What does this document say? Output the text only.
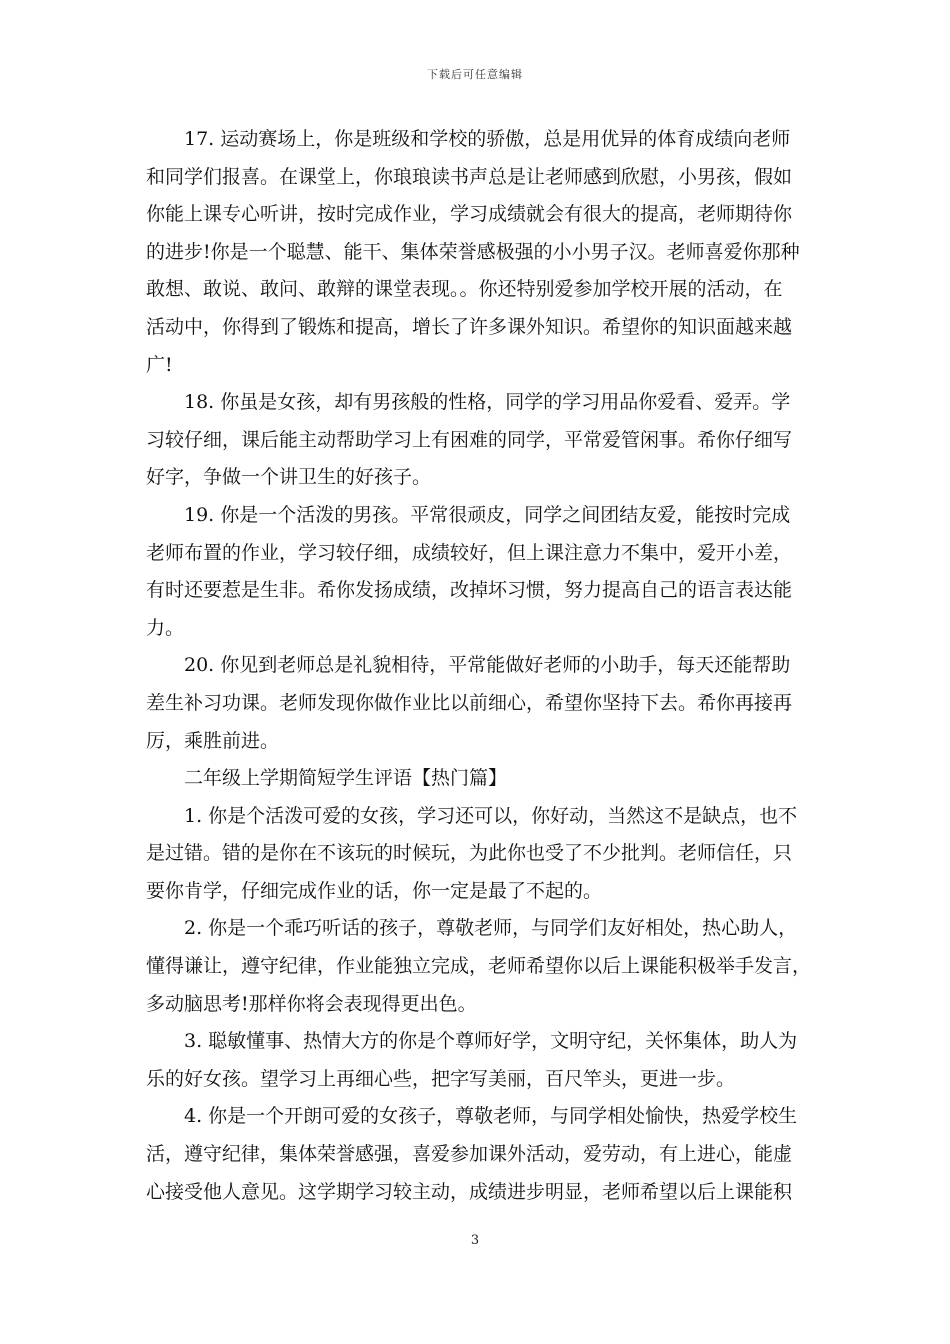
下载后可任意编辑
17. 运动赛场上，你是班级和学校的骄傲，总是用优异的体育成绩向老师
和同学们报喜。在课堂上，你琅琅读书声总是让老师感到欣慰，小男孩，假如
你能上课专心听讲，按时完成作业，学习成绩就会有很大的提高，老师期待你
的进步!你是一个聪慧、能干、集体荣誉感极强的小小男子汉。老师喜爱你那种
敢想、敢说、敢问、敢辩的课堂表现。。你还特别爱参加学校开展的活动，在
活动中，你得到了锻炼和提高，增长了许多课外知识。希望你的知识面越来越
广!
18. 你虽是女孩，却有男孩般的性格，同学的学习用品你爱看、爱弄。学
习较仔细，课后能主动帮助学习上有困难的同学，平常爱管闲事。希你仔细写
好字，争做一个讲卫生的好孩子。
19. 你是一个活泼的男孩。平常很顽皮，同学之间团结友爱，能按时完成
老师布置的作业，学习较仔细，成绩较好，但上课注意力不集中，爱开小差，
有时还要惹是生非。希你发扬成绩，改掉坏习惯，努力提高自己的语言表达能
力。
20. 你见到老师总是礼貌相待，平常能做好老师的小助手，每天还能帮助
差生补习功课。老师发现你做作业比以前细心，希望你坚持下去。希你再接再
厉，乘胜前进。
二年级上学期简短学生评语【热门篇】
1. 你是个活泼可爱的女孩，学习还可以，你好动，当然这不是缺点，也不
是过错。错的是你在不该玩的时候玩，为此你也受了不少批判。老师信任，只
要你肯学，仔细完成作业的话，你一定是最了不起的。
2. 你是一个乖巧听话的孩子，尊敬老师，与同学们友好相处，热心助人，
懂得谦让，遵守纪律，作业能独立完成，老师希望你以后上课能积极举手发言，
多动脑思考!那样你将会表现得更出色。
3. 聪敏懂事、热情大方的你是个尊师好学，文明守纪，关怀集体，助人为
乐的好女孩。望学习上再细心些，把字写美丽，百尺竿头，更进一步。
4. 你是一个开朗可爱的女孩子，尊敬老师，与同学相处愉快，热爱学校生
活，遵守纪律，集体荣誉感强，喜爱参加课外活动，爱劳动，有上进心，能虚
心接受他人意见。这学期学习较主动，成绩进步明显，老师希望以后上课能积
3
